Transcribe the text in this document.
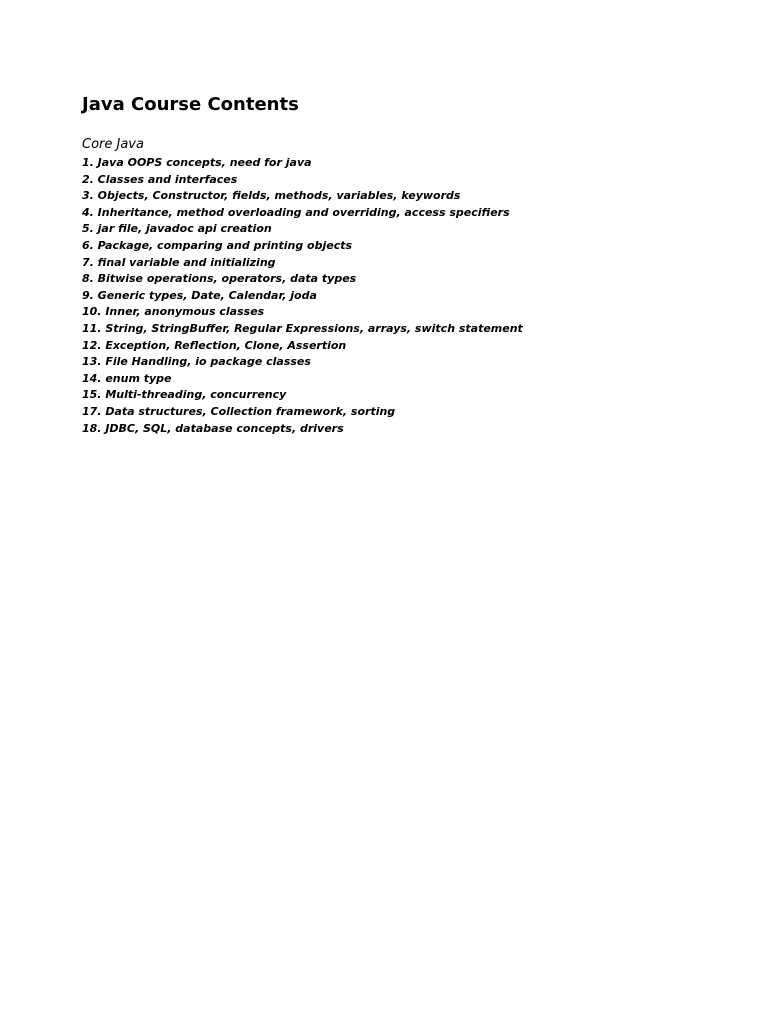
Java Course Contents
Core Java
1. Java OOPS concepts, need for java
2. Classes and interfaces
3. Objects, Constructor, fields, methods, variables, keywords
4. Inheritance, method overloading and overriding, access specifiers
5. jar file, javadoc api creation
6. Package, comparing and printing objects
7. final variable and initializing
8. Bitwise operations, operators, data types
9. Generic types, Date, Calendar, joda
10. Inner, anonymous classes
11. String, StringBuffer, Regular Expressions, arrays, switch statement
12. Exception, Reflection, Clone, Assertion
13. File Handling, io package classes
14. enum type
15. Multi-threading, concurrency
17. Data structures, Collection framework, sorting
18. JDBC, SQL, database concepts, drivers
